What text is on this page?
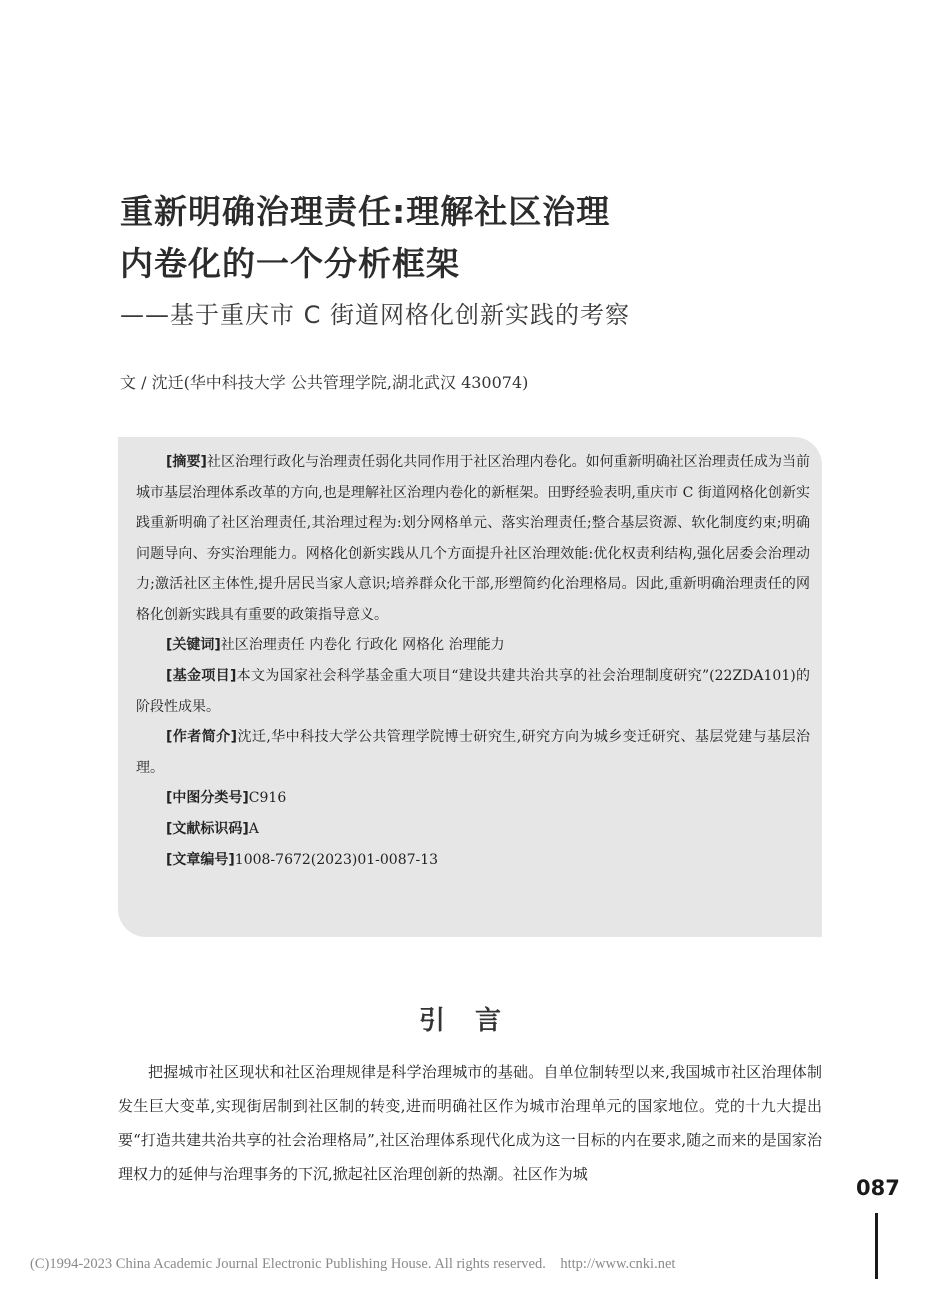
重新明确治理责任:理解社区治理
内卷化的一个分析框架
——基于重庆市 C 街道网格化创新实践的考察
文 / 沈迁(华中科技大学 公共管理学院,湖北武汉 430074)
[摘要]社区治理行政化与治理责任弱化共同作用于社区治理内卷化。如何重新明确社区治理责任成为当前城市基层治理体系改革的方向,也是理解社区治理内卷化的新框架。田野经验表明,重庆市 C 街道网格化创新实践重新明确了社区治理责任,其治理过程为:划分网格单元、落实治理责任;整合基层资源、软化制度约束;明确问题导向、夯实治理能力。网格化创新实践从几个方面提升社区治理效能:优化权责利结构,强化居委会治理动力;激活社区主体性,提升居民当家人意识;培养群众化干部,形塑简约化治理格局。因此,重新明确治理责任的网格化创新实践具有重要的政策指导意义。
[关键词]社区治理责任 内卷化 行政化 网格化 治理能力
[基金项目]本文为国家社会科学基金重大项目“建设共建共治共享的社会治理制度研究”(22ZDA101)的阶段性成果。
[作者简介]沈迁,华中科技大学公共管理学院博士研究生,研究方向为城乡变迁研究、基层党建与基层治理。
[中图分类号]C916
[文献标识码]A
[文章编号]1008-7672(2023)01-0087-13
引言
把握城市社区现状和社区治理规律是科学治理城市的基础。自单位制转型以来,我国城市社区治理体制发生巨大变革,实现街居制到社区制的转变,进而明确社区作为城市治理单元的国家地位。党的十九大提出要“打造共建共治共享的社会治理格局”,社区治理体系现代化成为这一目标的内在要求,随之而来的是国家治理权力的延伸与治理事务的下沉,掀起社区治理创新的热潮。社区作为城
087
(C)1994-2023 China Academic Journal Electronic Publishing House. All rights reserved.    http://www.cnki.net
